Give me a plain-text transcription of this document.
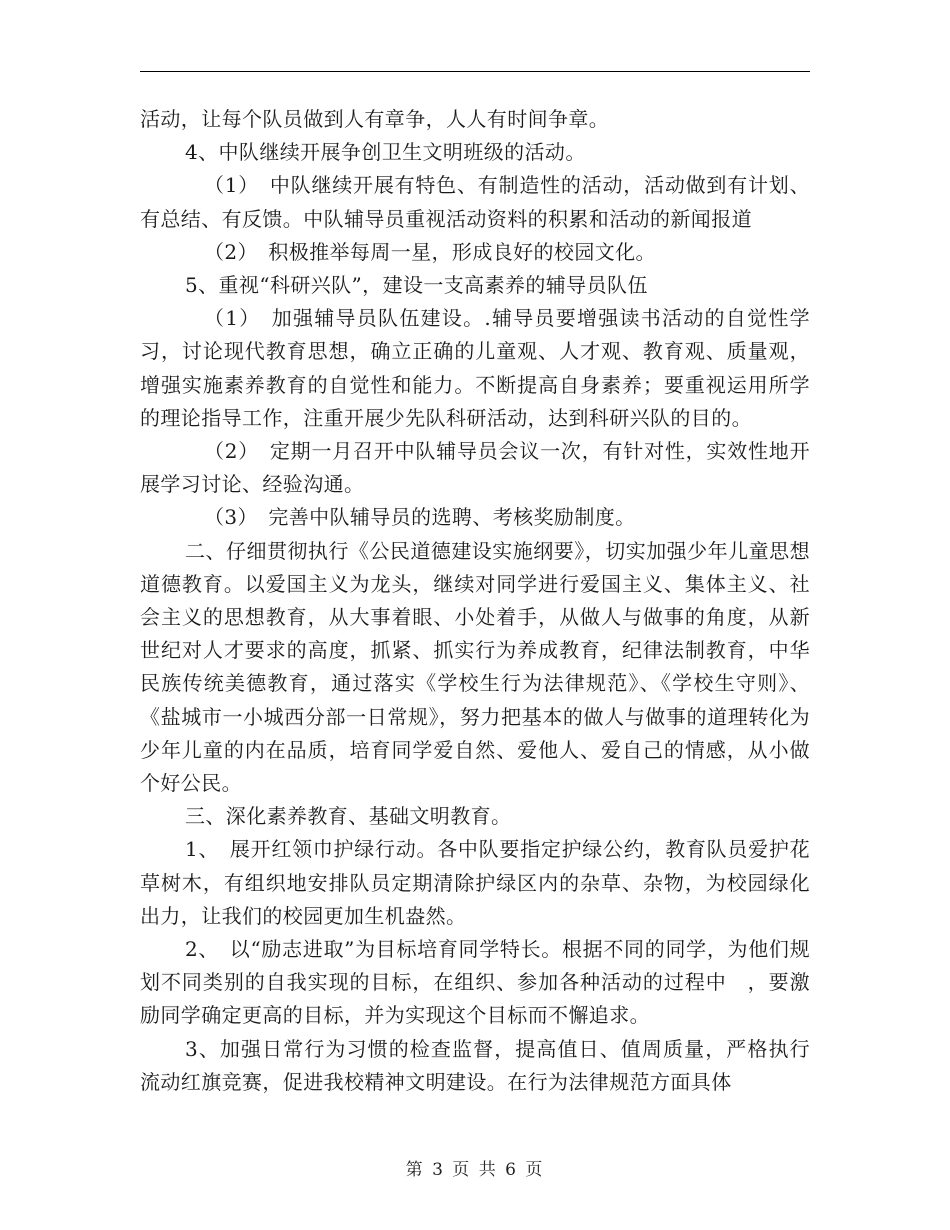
活动，让每个队员做到人有章争，人人有时间争章。

4、中队继续开展争创卫生文明班级的活动。

（1）　中队继续开展有特色、有制造性的活动，活动做到有计划、有总结、有反馈。中队辅导员重视活动资料的积累和活动的新闻报道

（2）　积极推举每周一星，形成良好的校园文化。

5、重视“科研兴队”，建设一支高素养的辅导员队伍

（1）　加强辅导员队伍建设。.辅导员要增强读书活动的自觉性学习，讨论现代教育思想，确立正确的儿童观、人才观、教育观、质量观，增强实施素养教育的自觉性和能力。不断提高自身素养；要重视运用所学的理论指导工作，注重开展少先队科研活动，达到科研兴队的目的。

（2）　定期一月召开中队辅导员会议一次，有针对性，实效性地开展学习讨论、经验沟通。

（3）　完善中队辅导员的选聘、考核奖励制度。

二、仔细贯彻执行《公民道德建设实施纲要》，切实加强少年儿童思想道德教育。以爱国主义为龙头，继续对同学进行爱国主义、集体主义、社会主义的思想教育，从大事着眼、小处着手，从做人与做事的角度，从新世纪对人才要求的高度，抓紧、抓实行为养成教育，纪律法制教育，中华民族传统美德教育，通过落实《学校生行为法律规范》、《学校生守则》、《盐城市一小城西分部一日常规》，努力把基本的做人与做事的道理转化为少年儿童的内在品质，培育同学爱自然、爱他人、爱自己的情感，从小做个好公民。

三、深化素养教育、基础文明教育。

1、　展开红领巾护绿行动。各中队要指定护绿公约，教育队员爱护花草树木，有组织地安排队员定期清除护绿区内的杂草、杂物，为校园绿化出力，让我们的校园更加生机盎然。

2、　以“励志进取”为目标培育同学特长。根据不同的同学，为他们规划不同类别的自我实现的目标，在组织、参加各种活动的过程中　，要激励同学确定更高的目标，并为实现这个目标而不懈追求。

3、加强日常行为习惯的检查监督，提高值日、值周质量，严格执行流动红旗竞赛，促进我校精神文明建设。在行为法律规范方面具体

第 3 页 共 6 页
